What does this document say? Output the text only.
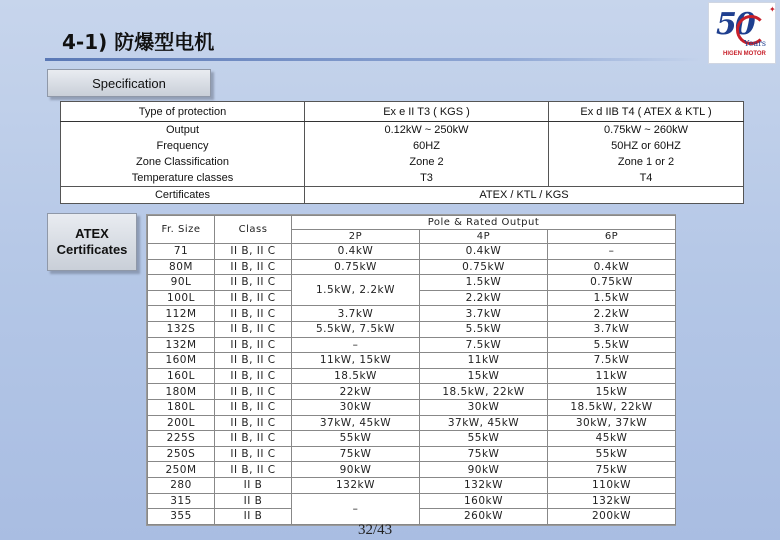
4-1) 防爆型电机	50 ✦
Years
HIGEN MOTOR
Specification
Type of protection	Ex e II T3 ( KGS )	Ex d IIB T4 ( ATEX & KTL )
Output	0.12kW ~ 250kW	0.75kW ~ 260kW
Frequency	60HZ	50HZ or 60HZ
Zone Classification	Zone 2	Zone 1 or 2
Temperature classes	T3	T4
Certificates	ATEX / KTL / KGS	
ATEX
Certificates
Fr. Size	Class	Pole & Rated Output		
		2P	4P	6P
71	II B, II C	0.4kW	0.4kW	–
80M	II B, II C	0.75kW	0.75kW	0.4kW
90L	II B, II C	1.5kW, 2.2kW	1.5kW	0.75kW
100L	II B, II C		2.2kW	1.5kW
112M	II B, II C	3.7kW	3.7kW	2.2kW
132S	II B, II C	5.5kW, 7.5kW	5.5kW	3.7kW
132M	II B, II C	–	7.5kW	5.5kW
160M	II B, II C	11kW, 15kW	11kW	7.5kW
160L	II B, II C	18.5kW	15kW	11kW
180M	II B, II C	22kW	18.5kW, 22kW	15kW
180L	II B, II C	30kW	30kW	18.5kW, 22kW
200L	II B, II C	37kW, 45kW	37kW, 45kW	30kW, 37kW
225S	II B, II C	55kW	55kW	45kW
250S	II B, II C	75kW	75kW	55kW
250M	II B, II C	90kW	90kW	75kW
280	II B	132kW	132kW	110kW
315	II B	–	160kW	132kW
355	II B		260kW	200kW
32/43
